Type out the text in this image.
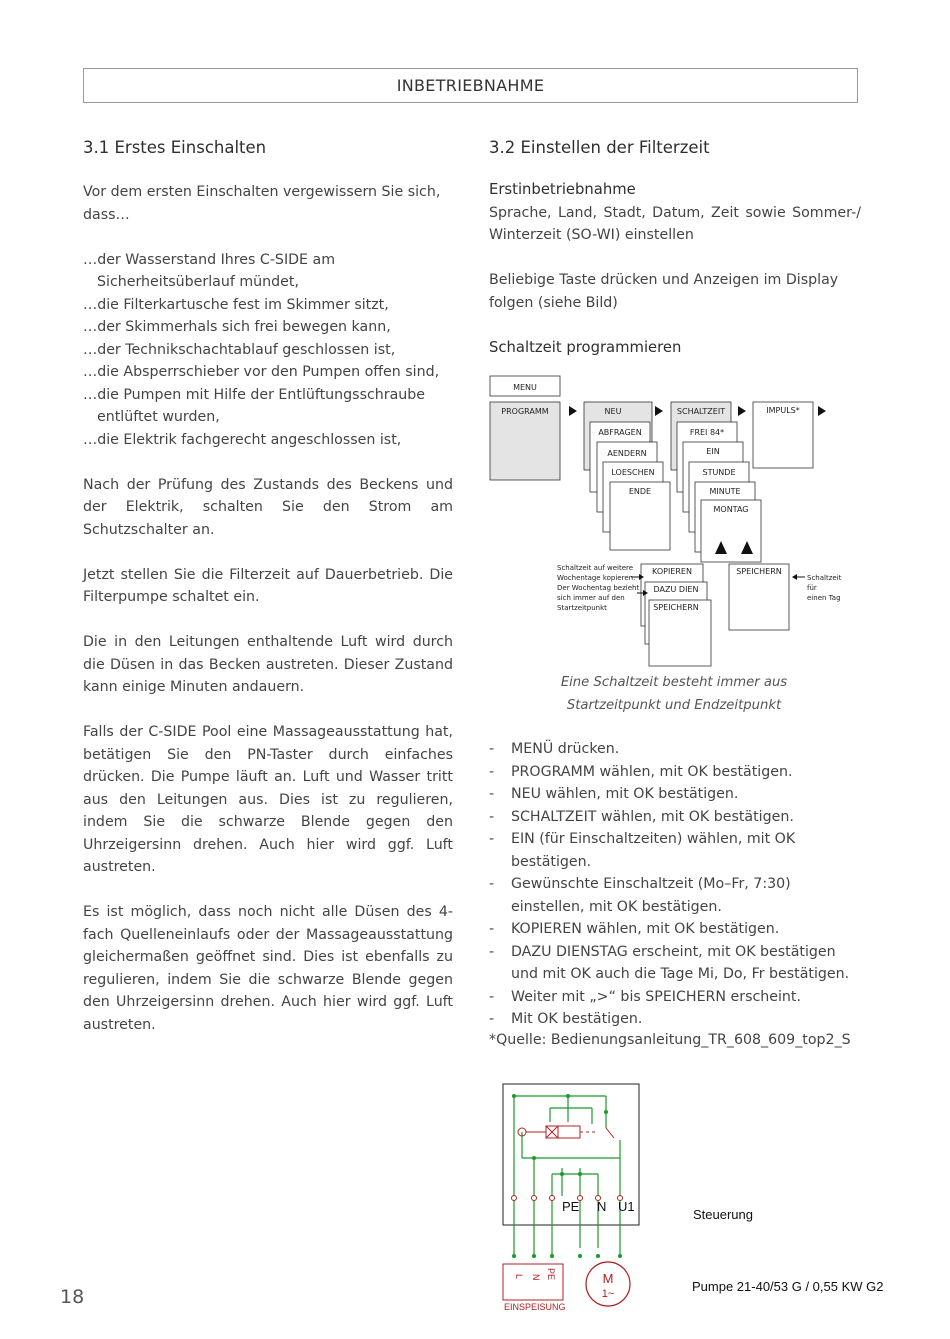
INBETRIEBNAHME
3.1 Erstes Einschalten

Vor dem ersten Einschalten vergewissern Sie sich, dass…

…der Wasserstand Ihres C-SIDE am Sicherheitsüberlauf mündet,
…die Filterkartusche fest im Skimmer sitzt,
…der Skimmerhals sich frei bewegen kann,
…der Technikschachtablauf geschlossen ist,
…die Absperrschieber vor den Pumpen offen sind,
…die Pumpen mit Hilfe der Entlüftungsschraube entlüftet wurden,
…die Elektrik fachgerecht angeschlossen ist,

Nach der Prüfung des Zustands des Beckens und der Elektrik, schalten Sie den Strom am Schutzschalter an.

Jetzt stellen Sie die Filterzeit auf Dauerbetrieb. Die Filterpumpe schaltet ein.

Die in den Leitungen enthaltende Luft wird durch die Düsen in das Becken austreten. Dieser Zustand kann einige Minuten andauern.

Falls der C-SIDE Pool eine Massageausstattung hat, betätigen Sie den PN-Taster durch einfaches drücken. Die Pumpe läuft an. Luft und Wasser tritt aus den Leitungen aus. Dies ist zu regulieren, indem Sie die schwarze Blende gegen den Uhrzeigersinn drehen. Auch hier wird ggf. Luft austreten.

Es ist möglich, dass noch nicht alle Düsen des 4-fach Quelleneinlaufs oder der Massageausstattung gleichermaßen geöffnet sind. Dies ist ebenfalls zu regulieren, indem Sie die schwarze Blende gegen den Uhrzeigersinn drehen. Auch hier wird ggf. Luft austreten.

3.2 Einstellen der Filterzeit
Erstinbetriebnahme

Sprache, Land, Stadt, Datum, Zeit sowie Sommer-/ Winterzeit (SO-WI) einstellen

Beliebige Taste drücken und Anzeigen im Display folgen (siehe Bild)

Schaltzeit programmieren
MENU
PROGRAMM	NEU
ABFRAGEN
AENDERN
LOESCHEN
ENDE
SCHALTZEIT
FREI 84*
EIN
STUNDE
MINUTE
MONTAG
IMPULS*
KOPIEREN
DAZU DIEN
SPEICHERN
SPEICHERN
Schaltzeit auf weitere
Wochentage kopieren.
Der Wochentag bezieht
sich immer auf den
Startzeitpunkt
Schaltzeit
für
einen Tag
Eine Schaltzeit besteht immer aus
Startzeitpunkt und Endzeitpunkt
- MENÜ drücken.
- PROGRAMM wählen, mit OK bestätigen.
- NEU wählen, mit OK bestätigen.
- SCHALTZEIT wählen, mit OK bestätigen.
- EIN (für Einschaltzeiten) wählen, mit OK bestätigen.
- Gewünschte Einschaltzeit (Mo–Fr, 7:30) einstellen, mit OK bestätigen.
- KOPIEREN wählen, mit OK bestätigen.
- DAZU DIENSTAG erscheint, mit OK bestätigen und mit OK auch die Tage Mi, Do, Fr bestätigen.
- Weiter mit „>“ bis SPEICHERN erscheint.
- Mit OK bestätigen.
*Quelle: Bedienungsanleitung_TR_608_609_top2_S
PE N U1
L N PE
EINSPEISUNG
M
1~
Steuerung
Pumpe 21-40/53 G / 0,55 KW G2
18
